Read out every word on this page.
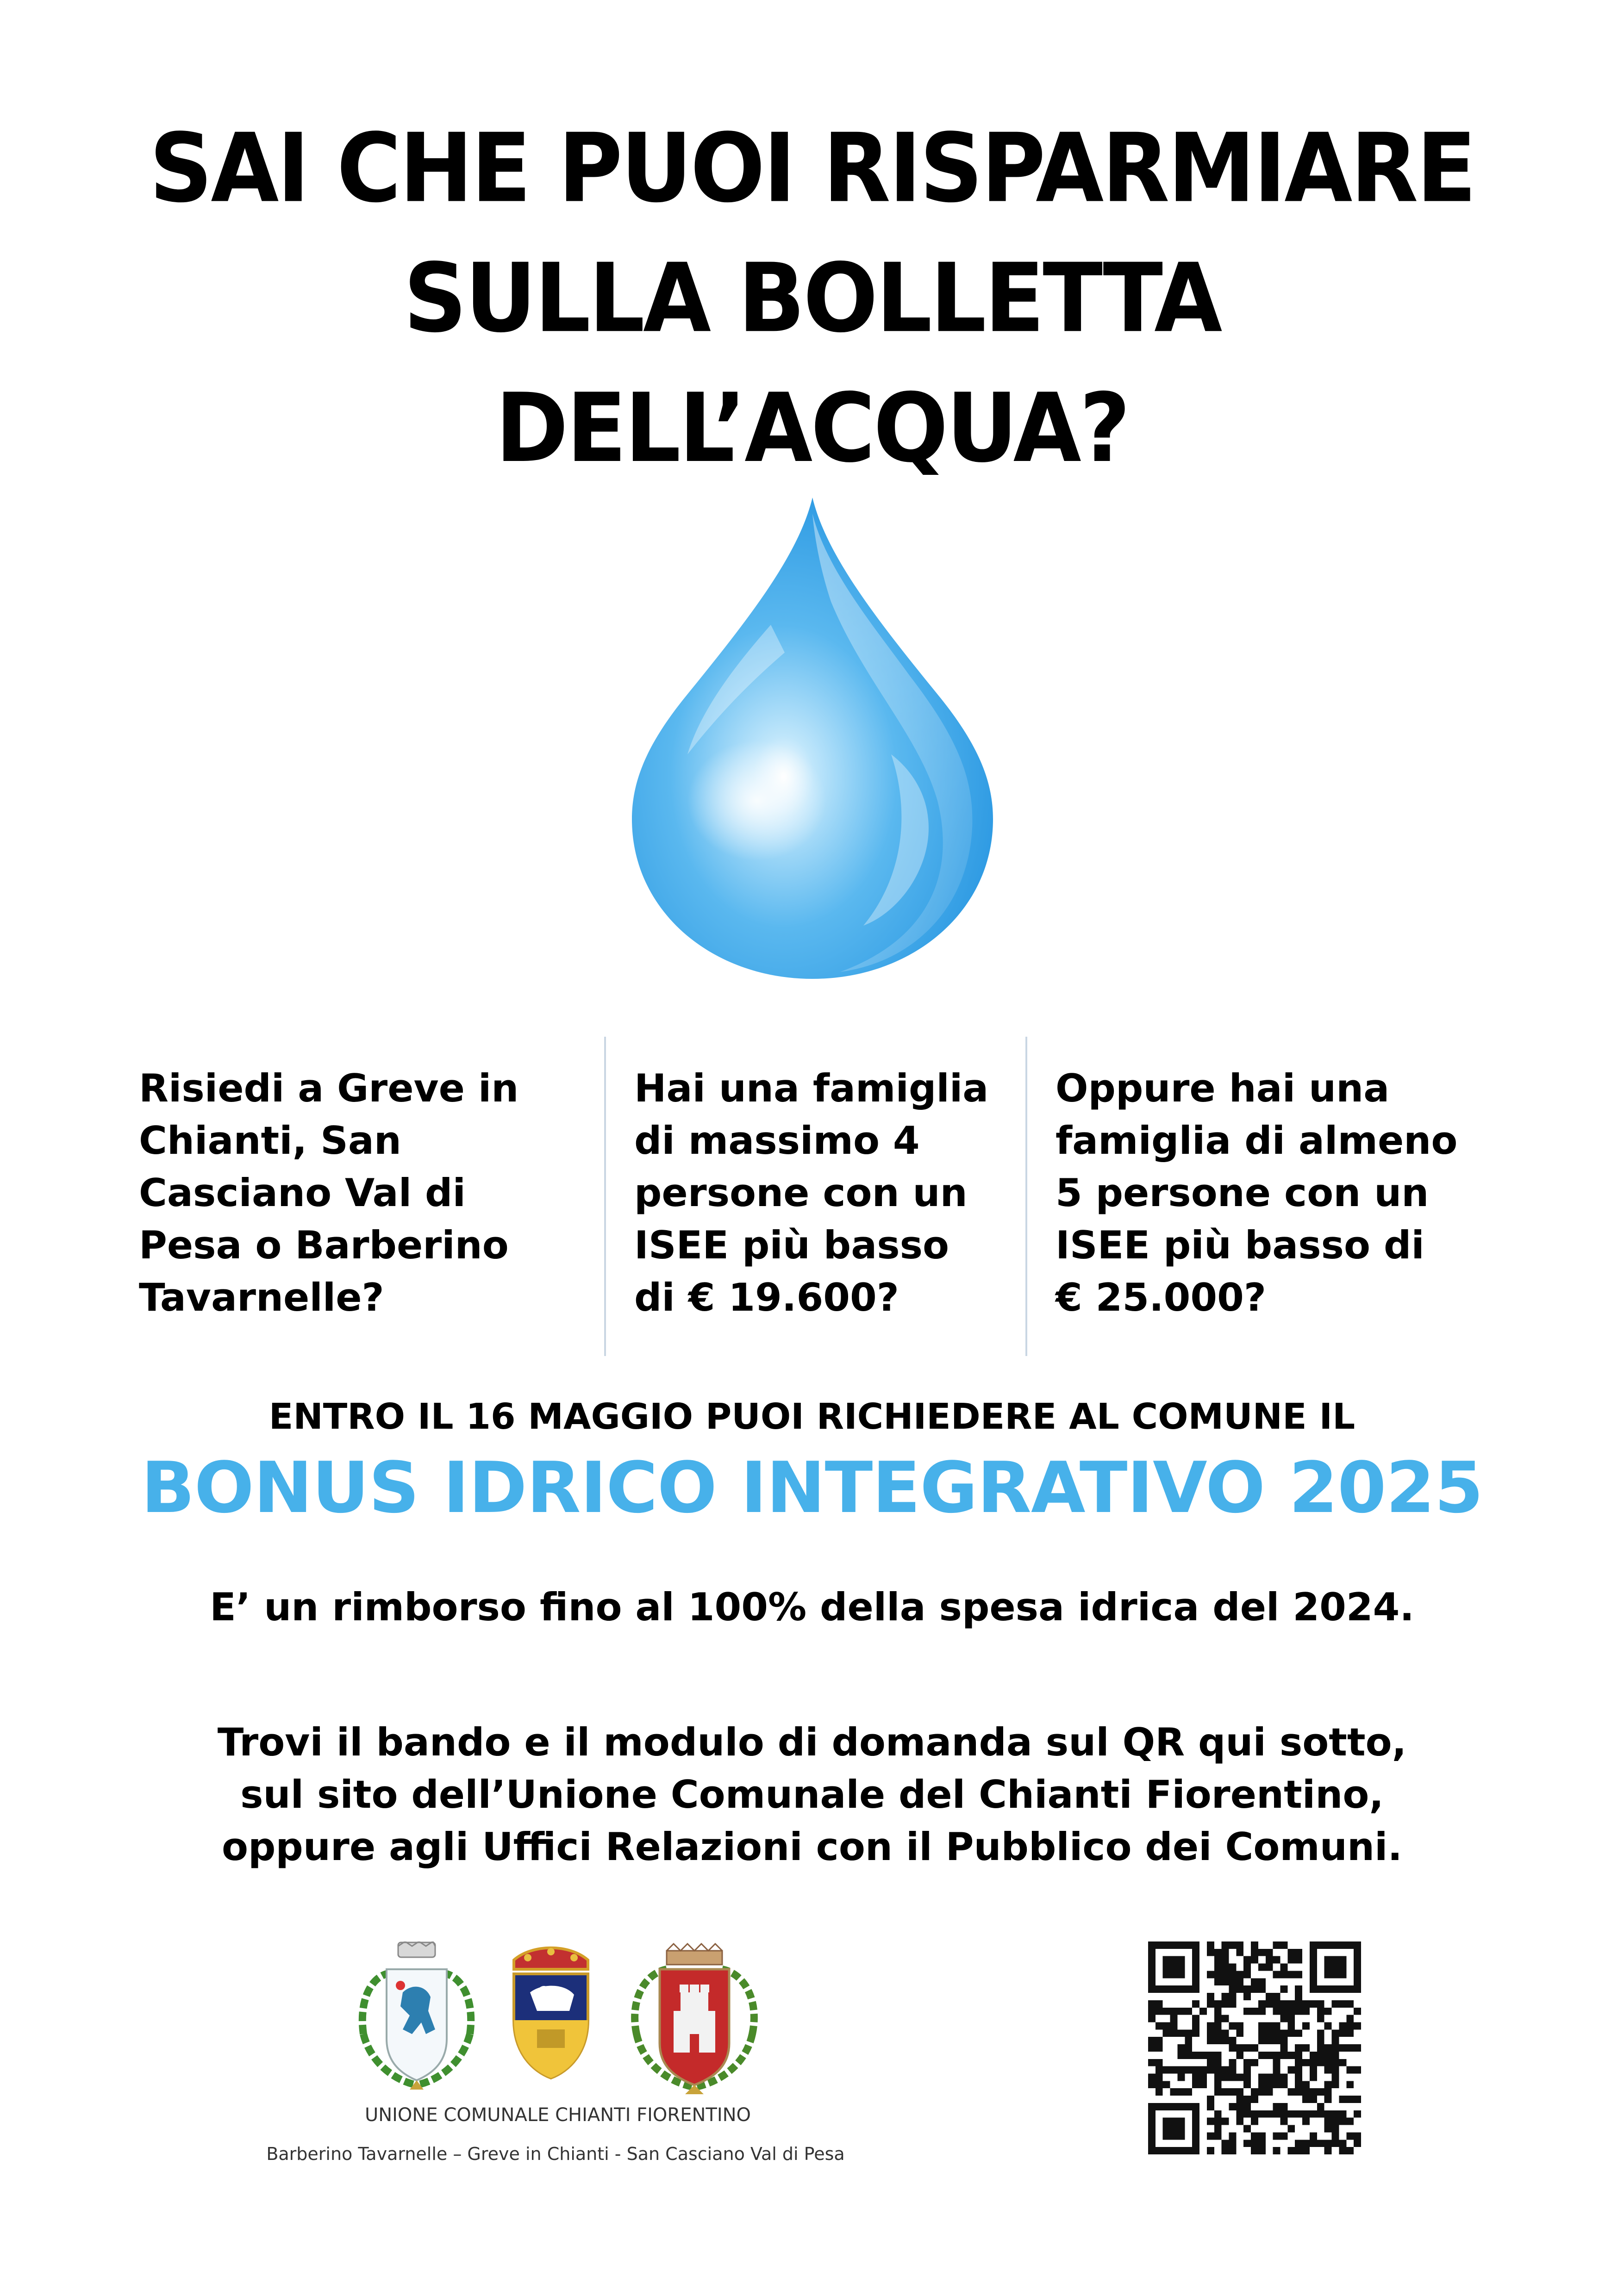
SAI CHE PUOI RISPARMIARE
SULLA BOLLETTA
DELL’ACQUA?
Risiedi a Greve in
Chianti, San
Casciano Val di
Pesa o Barberino
Tavarnelle?
Hai una famiglia
di massimo 4
persone con un
ISEE più basso
di € 19.600?
Oppure hai una
famiglia di almeno
5 persone con un
ISEE più basso di
€ 25.000?
ENTRO IL 16 MAGGIO PUOI RICHIEDERE AL COMUNE IL
BONUS IDRICO INTEGRATIVO 2025
E’ un rimborso fino al 100% della spesa idrica del 2024.
Trovi il bando e il modulo di domanda sul QR qui sotto,
sul sito dell’Unione Comunale del Chianti Fiorentino,
oppure agli Uffici Relazioni con il Pubblico dei Comuni.
UNIONE COMUNALE CHIANTI FIORENTINO
Barberino Tavarnelle – Greve in Chianti - San Casciano Val di Pesa
